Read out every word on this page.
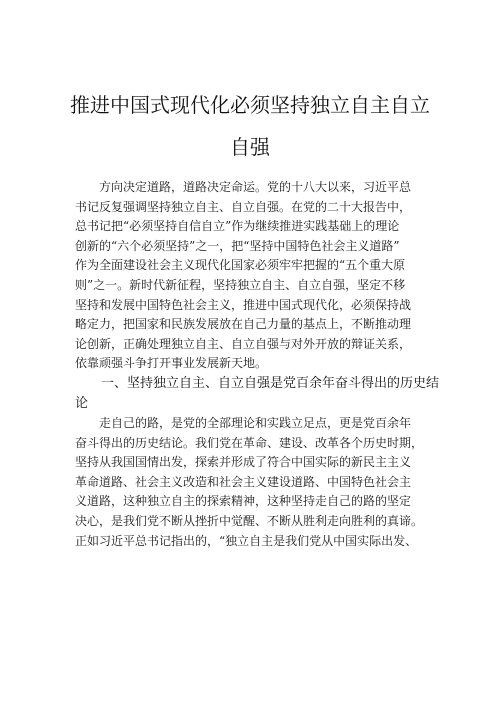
推进中国式现代化必须坚持独立自主自立
自强
　　方向决定道路，道路决定命运。党的十八大以来，习近平总
书记反复强调坚持独立自主、自立自强。在党的二十大报告中，
总书记把“必须坚持自信自立”作为继续推进实践基础上的理论
创新的“六个必须坚持”之一，把“坚持中国特色社会主义道路”
作为全面建设社会主义现代化国家必须牢牢把握的“五个重大原
则”之一。新时代新征程，坚持独立自主、自立自强，坚定不移
坚持和发展中国特色社会主义，推进中国式现代化，必须保持战
略定力，把国家和民族发展放在自己力量的基点上，不断推动理
论创新，正确处理独立自主、自立自强与对外开放的辩证关系，
依靠顽强斗争打开事业发展新天地。
　　一、坚持独立自主、自立自强是党百余年奋斗得出的历史结
论
　　走自己的路，是党的全部理论和实践立足点，更是党百余年
奋斗得出的历史结论。我们党在革命、建设、改革各个历史时期，
坚持从我国国情出发，探索并形成了符合中国实际的新民主主义
革命道路、社会主义改造和社会主义建设道路、中国特色社会主
义道路，这种独立自主的探索精神，这种坚持走自己的路的坚定
决心，是我们党不断从挫折中觉醒、不断从胜利走向胜利的真谛。
正如习近平总书记指出的，“独立自主是我们党从中国实际出发、
